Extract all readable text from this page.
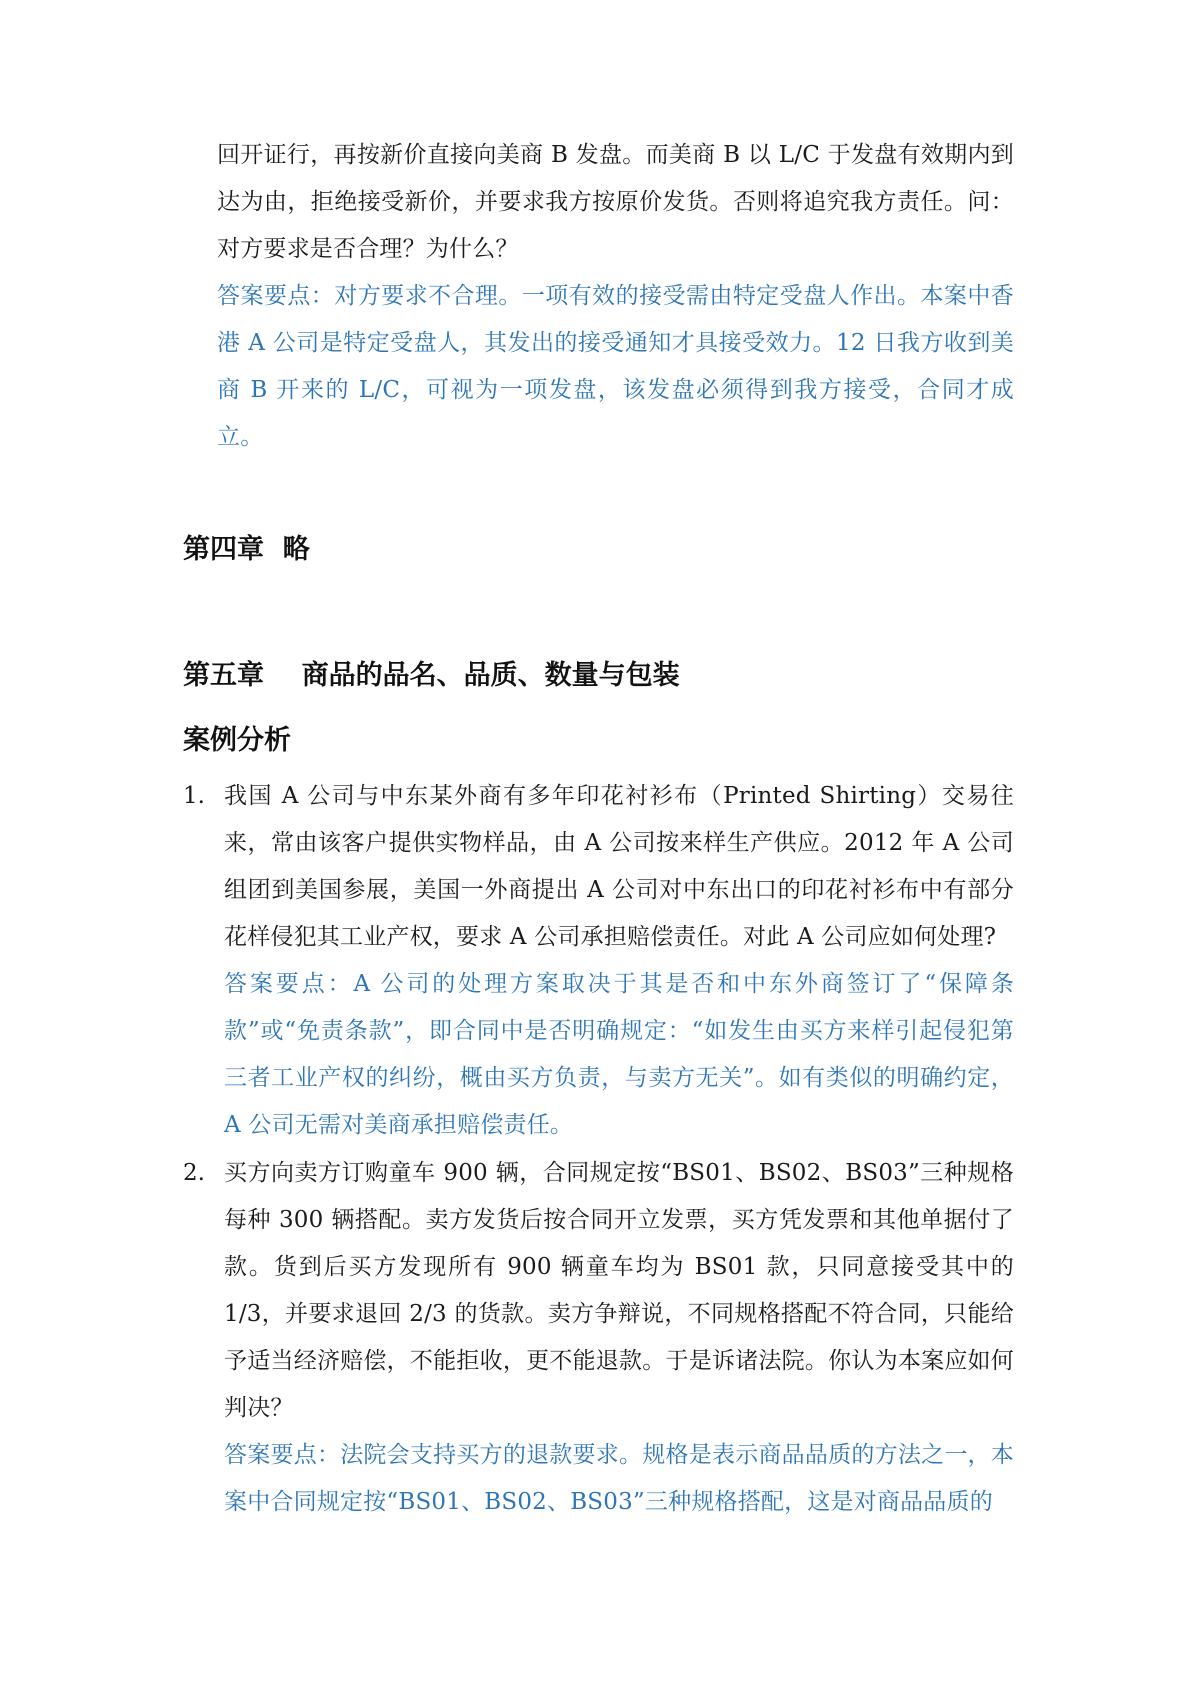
回开证行，再按新价直接向美商 B 发盘。而美商 B 以 L/C 于发盘有效期内到达为由，拒绝接受新价，并要求我方按原价发货。否则将追究我方责任。问：对方要求是否合理？为什么？

答案要点：对方要求不合理。一项有效的接受需由特定受盘人作出。本案中香港 A 公司是特定受盘人，其发出的接受通知才具接受效力。12 日我方收到美商 B 开来的 L/C，可视为一项发盘，该发盘必须得到我方接受，合同才成立。

第四章  略
第五章    商品的品名、品质、数量与包装
案例分析
1. 我国 A 公司与中东某外商有多年印花衬衫布（Printed Shirting）交易往来，常由该客户提供实物样品，由 A 公司按来样生产供应。2012 年 A 公司组团到美国参展，美国一外商提出 A 公司对中东出口的印花衬衫布中有部分花样侵犯其工业产权，要求 A 公司承担赔偿责任。对此 A 公司应如何处理?

答案要点：A 公司的处理方案取决于其是否和中东外商签订了“保障条款”或“免责条款”，即合同中是否明确规定：“如发生由买方来样引起侵犯第三者工业产权的纠纷，概由买方负责，与卖方无关”。如有类似的明确约定，A 公司无需对美商承担赔偿责任。

2. 买方向卖方订购童车 900 辆，合同规定按“BS01、BS02、BS03”三种规格每种 300 辆搭配。卖方发货后按合同开立发票，买方凭发票和其他单据付了款。货到后买方发现所有 900 辆童车均为 BS01 款，只同意接受其中的 1/3，并要求退回 2/3 的货款。卖方争辩说，不同规格搭配不符合同，只能给予适当经济赔偿，不能拒收，更不能退款。于是诉诸法院。你认为本案应如何判决？

答案要点：法院会支持买方的退款要求。规格是表示商品品质的方法之一，本案中合同规定按“BS01、BS02、BS03”三种规格搭配，这是对商品品质的
